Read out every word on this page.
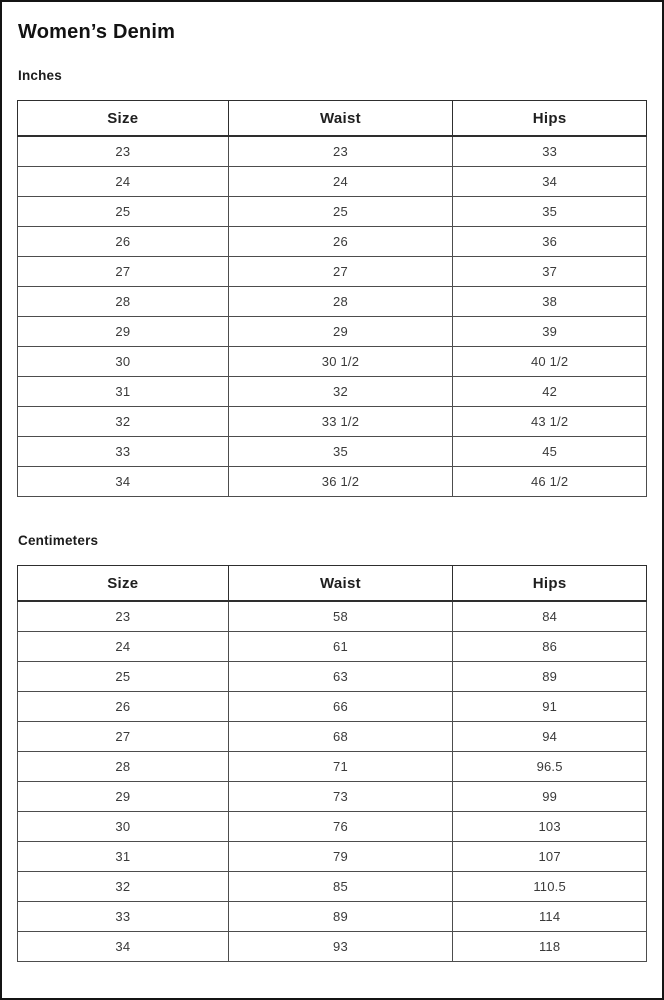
Women’s Denim
Inches
Size	Waist	Hips
23	23	33
24	24	34
25	25	35
26	26	36
27	27	37
28	28	38
29	29	39
30	30 1/2	40 1/2
31	32	42
32	33 1/2	43 1/2
33	35	45
34	36 1/2	46 1/2
Centimeters
Size	Waist	Hips
23	58	84
24	61	86
25	63	89
26	66	91
27	68	94
28	71	96.5
29	73	99
30	76	103
31	79	107
32	85	110.5
33	89	114
34	93	118
